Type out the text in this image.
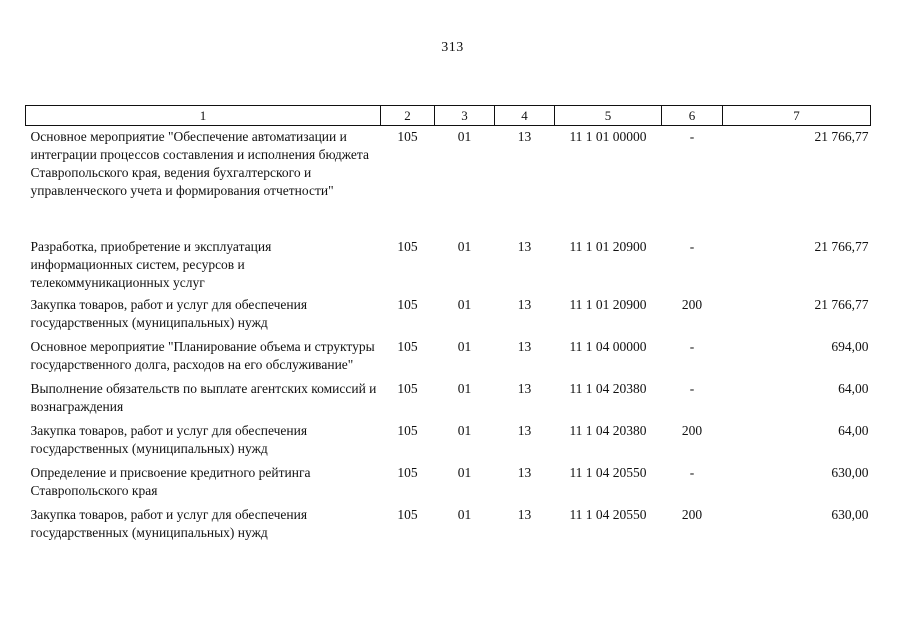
313
1	2	3	4	5	6	7
Основное мероприятие "Обеспечение автоматизации и интеграции процессов составления и исполнения бюджета Ставропольского края, ведения бухгалтерского и управленческого учета и формирования отчетности"	105	01	13	11 1 01 00000	-	21 766,77
Разработка, приобретение и эксплуатация информационных систем, ресурсов и телекоммуникационных услуг	105	01	13	11 1 01 20900	-	21 766,77
Закупка товаров, работ и услуг для обеспечения государственных (муниципальных) нужд	105	01	13	11 1 01 20900	200	21 766,77
Основное мероприятие "Планирование объема и структуры государственного долга, расходов на его обслуживание"	105	01	13	11 1 04 00000	-	694,00
Выполнение обязательств по выплате агентских комиссий и вознаграждения	105	01	13	11 1 04 20380	-	64,00
Закупка товаров, работ и услуг для обеспечения государственных (муниципальных) нужд	105	01	13	11 1 04 20380	200	64,00
Определение и присвоение кредитного рейтинга Ставропольского края	105	01	13	11 1 04 20550	-	630,00
Закупка товаров, работ и услуг для обеспечения государственных (муниципальных) нужд	105	01	13	11 1 04 20550	200	630,00
